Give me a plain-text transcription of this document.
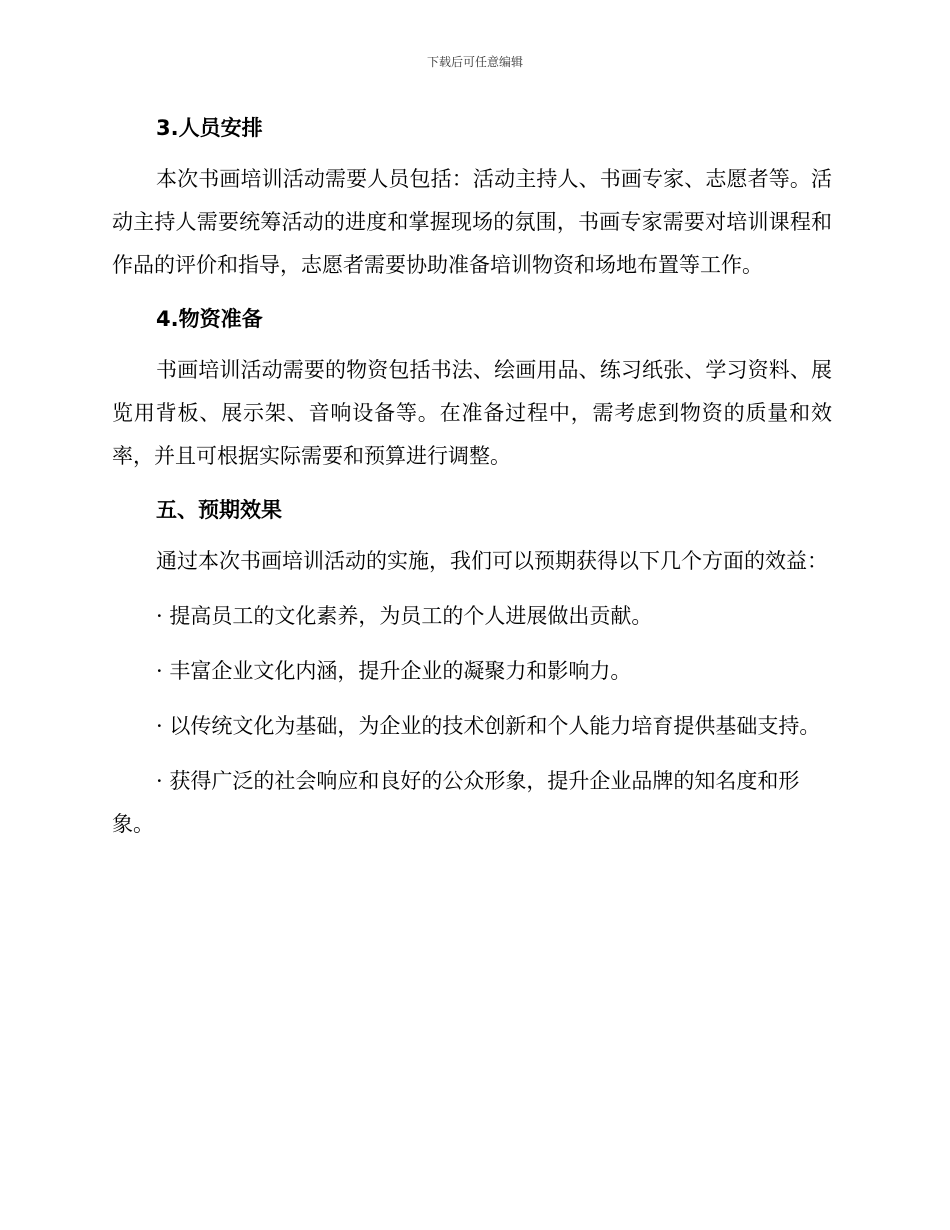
下载后可任意编辑
3.人员安排

本次书画培训活动需要人员包括：活动主持人、书画专家、志愿者等。活动主持人需要统筹活动的进度和掌握现场的氛围，书画专家需要对培训课程和作品的评价和指导，志愿者需要协助准备培训物资和场地布置等工作。

4.物资准备

书画培训活动需要的物资包括书法、绘画用品、练习纸张、学习资料、展览用背板、展示架、音响设备等。在准备过程中，需考虑到物资的质量和效率，并且可根据实际需要和预算进行调整。

五、预期效果

通过本次书画培训活动的实施，我们可以预期获得以下几个方面的效益：

· 提高员工的文化素养，为员工的个人进展做出贡献。

· 丰富企业文化内涵，提升企业的凝聚力和影响力。

· 以传统文化为基础，为企业的技术创新和个人能力培育提供基础支持。

· 获得广泛的社会响应和良好的公众形象，提升企业品牌的知名度和形象。
